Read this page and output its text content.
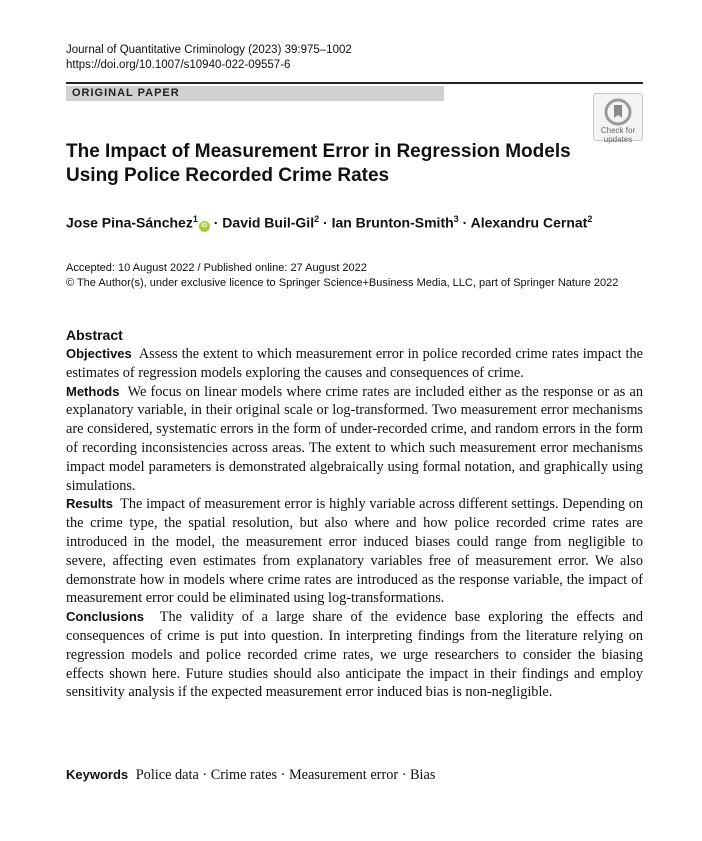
Journal of Quantitative Criminology (2023) 39:975–1002
https://doi.org/10.1007/s10940-022-09557-6
ORIGINAL PAPER
Check for
updates
The Impact of Measurement Error in Regression Models
Using Police Recorded Crime Rates
Jose Pina-Sánchez$^1$iD · David Buil-Gil$^2$ · Ian Brunton-Smith$^3$ · Alexandru Cernat$^2$
Accepted: 10 August 2022 / Published online: 27 August 2022
© The Author(s), under exclusive licence to Springer Science+Business Media, LLC, part of Springer Nature 2022
Abstract

Objectives Assess the extent to which measurement error in police recorded crime rates impact the estimates of regression models exploring the causes and consequences of crime.

Methods We focus on linear models where crime rates are included either as the response or as an explanatory variable, in their original scale or log-transformed. Two measurement error mechanisms are considered, systematic errors in the form of under-recorded crime, and random errors in the form of recording inconsistencies across areas. The extent to which such measurement error mechanisms impact model parameters is demonstrated algebraically using formal notation, and graphically using simulations.

Results The impact of measurement error is highly variable across different settings. Depending on the crime type, the spatial resolution, but also where and how police recorded crime rates are introduced in the model, the measurement error induced biases could range from negligible to severe, affecting even estimates from explanatory variables free of measurement error. We also demonstrate how in models where crime rates are introduced as the response variable, the impact of measurement error could be eliminated using log-transformations.

Conclusions The validity of a large share of the evidence base exploring the effects and consequences of crime is put into question. In interpreting findings from the literature relying on regression models and police recorded crime rates, we urge researchers to consider the biasing effects shown here. Future studies should also anticipate the impact in their findings and employ sensitivity analysis if the expected measurement error induced bias is non-negligible.

Keywords Police data · Crime rates · Measurement error · Bias
